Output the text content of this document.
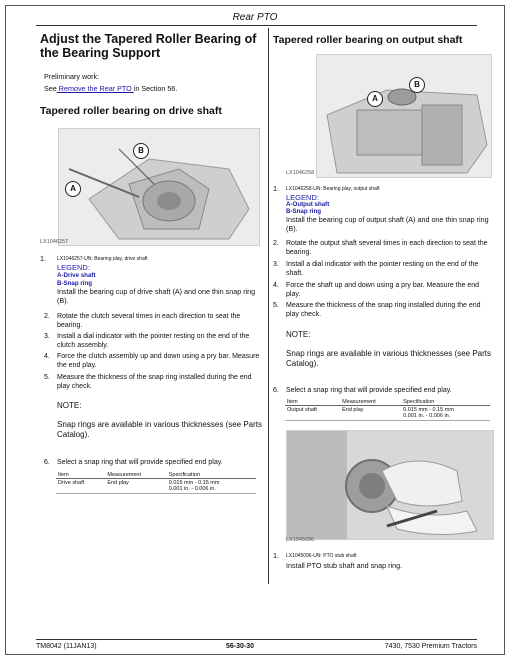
Rear PTO
Adjust the Tapered Roller Bearing of the Bearing Support
Preliminary work:
See Remove the Rear PTO in Section 56.
Tapered roller bearing on drive shaft
B
A
LX1046257
1. LX1046257-UN: Bearing play, drive shaft
LEGEND:
A-Drive shaft
B-Snap ring
Install the bearing cup of drive shaft (A) and one thin snap ring (B).
2. Rotate the clutch several times in each direction to seat the bearing.
3. Install a dial indicator with the pointer resting on the end of the clutch assembly.
4. Force the clutch assembly up and down using a pry bar. Measure the end play.
5. Measure the thickness of the snap ring installed during the end play check.
NOTE:
Snap rings are available in various thicknesses (see Parts Catalog).
6. Select a snap ring that will provide specified end play.
Item	Measurement	Specification
Drive shaft	End play	0.015 mm - 0.15 mm
0.001 in. - 0.006 in.
Tapered roller bearing on output shaft
B
A
LX1046258
1. LX1046258-UN: Bearing play, output shaft
LEGEND:
A-Output shaft
B-Snap ring
Install the bearing cup of output shaft (A) and one thin snap ring (B).
2. Rotate the output shaft several times in each direction to seat the bearing.
3. Install a dial indicator with the pointer resting on the end of the shaft.
4. Force the shaft up and down using a pry bar. Measure the end play.
5. Measure the thickness of the snap ring installed during the end play check.
NOTE:
Snap rings are available in various thicknesses (see Parts Catalog).
6. Select a snap ring that will provide specified end play.
Item	Measurement	Specification
Output shaft	End play	0.015 mm - 0.15 mm
0.001 in. - 0.006 in.
LX1045096
1. LX1045096-UN: PTO stub shaft
Install PTO stub shaft and snap ring.
TM8042 (11JAN13)	56-30-30	7430, 7530 Premium Tractors
